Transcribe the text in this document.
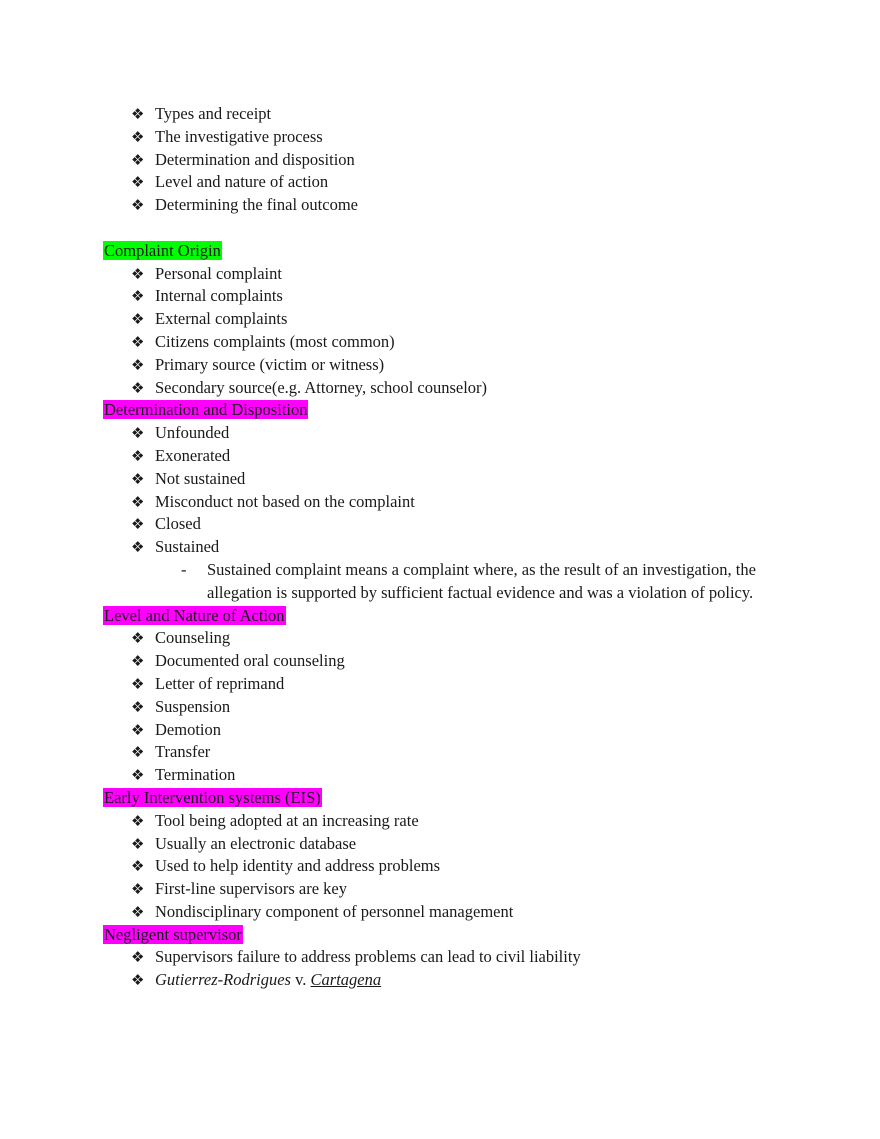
❖ Types and receipt
❖ The investigative process
❖ Determination and disposition
❖ Level and nature of action
❖ Determining the final outcome
Complaint Origin
❖ Personal complaint
❖ Internal complaints
❖ External complaints
❖ Citizens complaints (most common)
❖ Primary source (victim or witness)
❖ Secondary source(e.g. Attorney, school counselor)
Determination and Disposition
❖ Unfounded
❖ Exonerated
❖ Not sustained
❖ Misconduct not based on the complaint
❖ Closed
❖ Sustained
- Sustained complaint means a complaint where, as the result of an investigation, the allegation is supported by sufficient factual evidence and was a violation of policy.
Level and Nature of Action
❖ Counseling
❖ Documented oral counseling
❖ Letter of reprimand
❖ Suspension
❖ Demotion
❖ Transfer
❖ Termination
Early Intervention systems (EIS)
❖ Tool being adopted at an increasing rate
❖ Usually an electronic database
❖ Used to help identity and address problems
❖ First-line supervisors are key
❖ Nondisciplinary component of personnel management
Negligent supervisor
❖ Supervisors failure to address problems can lead to civil liability
❖ Gutierrez-Rodrigues v. Cartagena
